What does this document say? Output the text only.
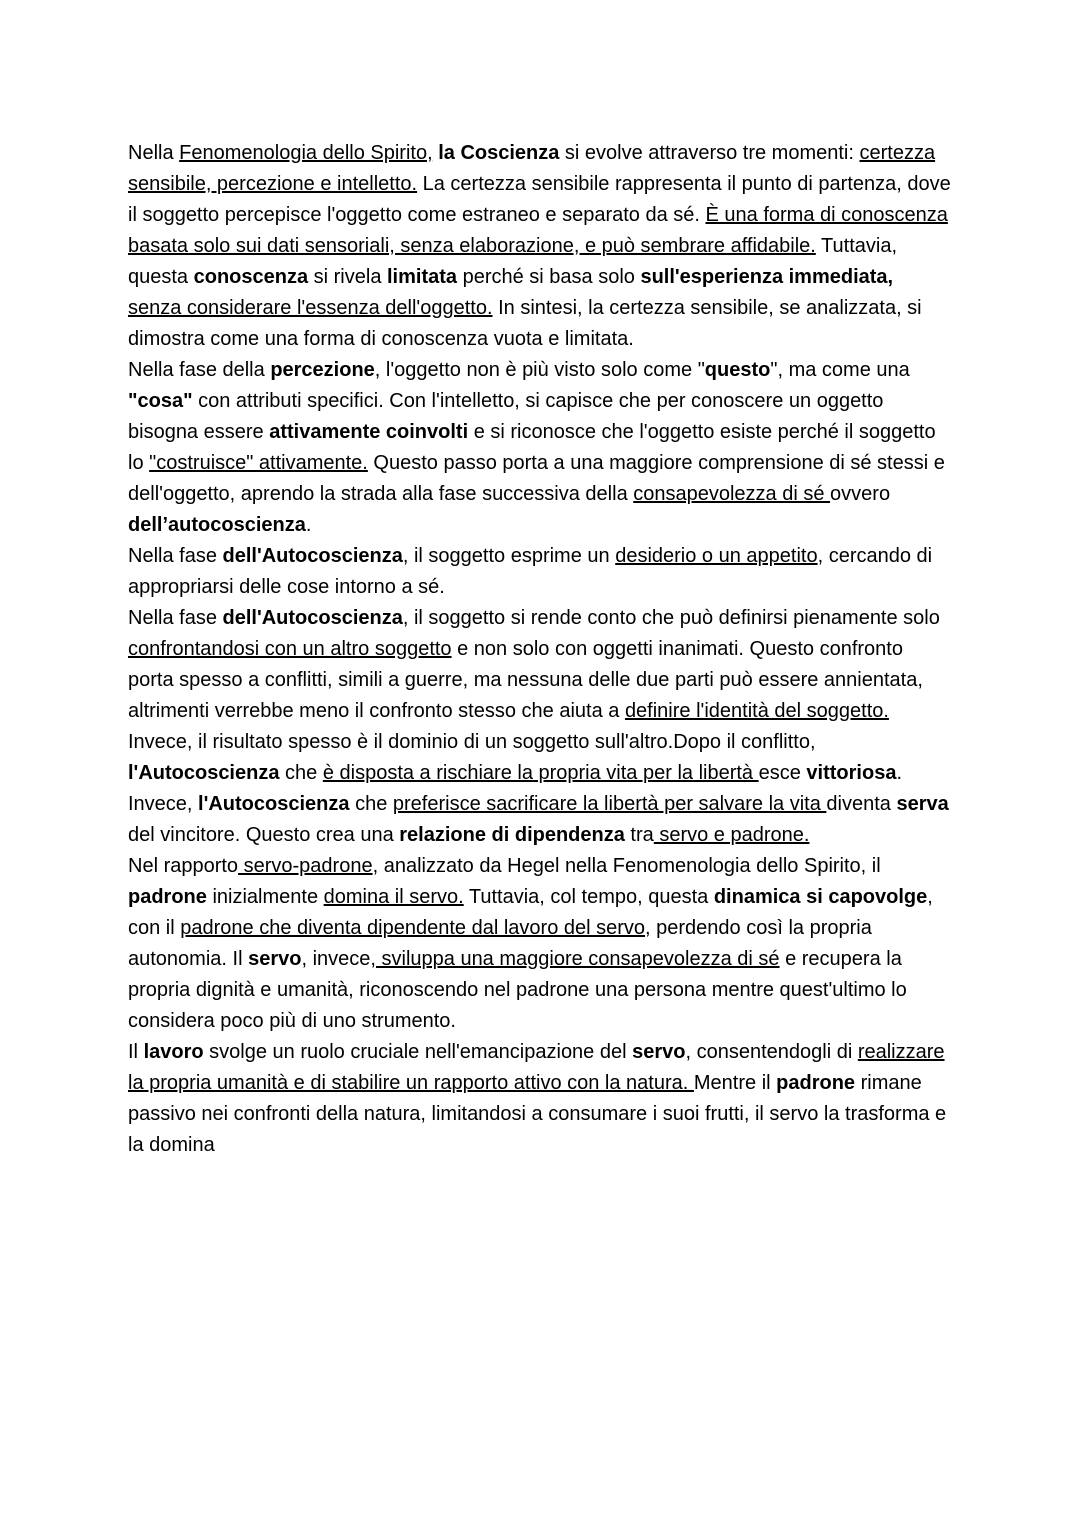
Nella Fenomenologia dello Spirito, la Coscienza si evolve attraverso tre momenti: certezza sensibile, percezione e intelletto. La certezza sensibile rappresenta il punto di partenza, dove il soggetto percepisce l'oggetto come estraneo e separato da sé. È una forma di conoscenza basata solo sui dati sensoriali, senza elaborazione, e può sembrare affidabile. Tuttavia, questa conoscenza si rivela limitata perché si basa solo sull'esperienza immediata, senza considerare l'essenza dell'oggetto. In sintesi, la certezza sensibile, se analizzata, si dimostra come una forma di conoscenza vuota e limitata.

Nella fase della percezione, l'oggetto non è più visto solo come "questo", ma come una "cosa" con attributi specifici. Con l'intelletto, si capisce che per conoscere un oggetto bisogna essere attivamente coinvolti e si riconosce che l'oggetto esiste perché il soggetto lo "costruisce" attivamente. Questo passo porta a una maggiore comprensione di sé stessi e dell'oggetto, aprendo la strada alla fase successiva della consapevolezza di sé ovvero dell’autocoscienza.

Nella fase dell'Autocoscienza, il soggetto esprime un desiderio o un appetito, cercando di appropriarsi delle cose intorno a sé.

Nella fase dell'Autocoscienza, il soggetto si rende conto che può definirsi pienamente solo confrontandosi con un altro soggetto e non solo con oggetti inanimati. Questo confronto porta spesso a conflitti, simili a guerre, ma nessuna delle due parti può essere annientata, altrimenti verrebbe meno il confronto stesso che aiuta a definire l'identità del soggetto. Invece, il risultato spesso è il dominio di un soggetto sull'altro.Dopo il conflitto, l'Autocoscienza che è disposta a rischiare la propria vita per la libertà esce vittoriosa. Invece, l'Autocoscienza che preferisce sacrificare la libertà per salvare la vita diventa serva del vincitore. Questo crea una relazione di dipendenza tra servo e padrone.

Nel rapporto servo-padrone, analizzato da Hegel nella Fenomenologia dello Spirito, il padrone inizialmente domina il servo. Tuttavia, col tempo, questa dinamica si capovolge, con il padrone che diventa dipendente dal lavoro del servo, perdendo così la propria autonomia. Il servo, invece, sviluppa una maggiore consapevolezza di sé e recupera la propria dignità e umanità, riconoscendo nel padrone una persona mentre quest'ultimo lo considera poco più di uno strumento.

Il lavoro svolge un ruolo cruciale nell'emancipazione del servo, consentendogli di realizzare la propria umanità e di stabilire un rapporto attivo con la natura. Mentre il padrone rimane passivo nei confronti della natura, limitandosi a consumare i suoi frutti, il servo la trasforma e la domina
